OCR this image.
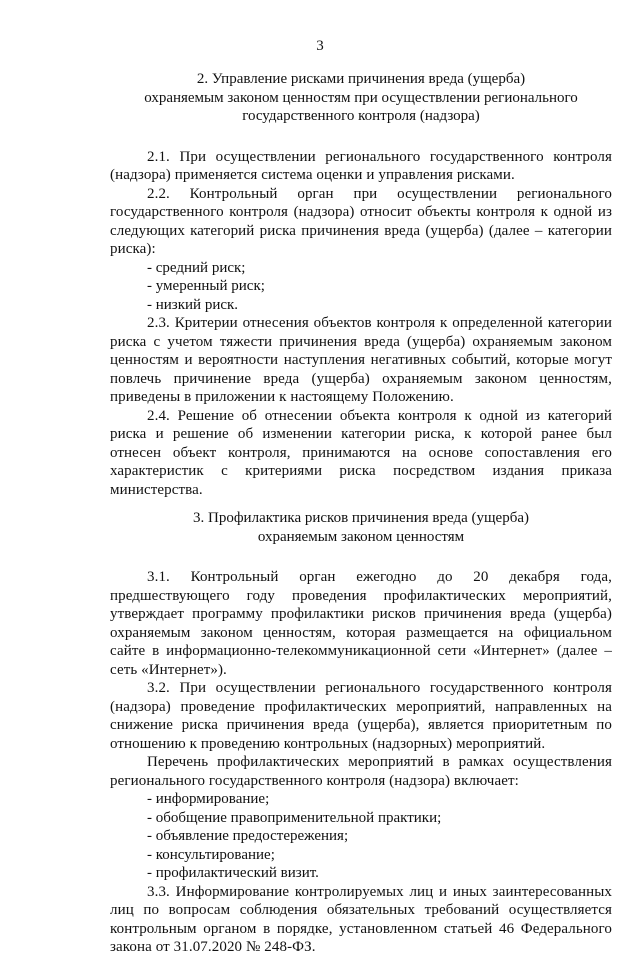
3
2. Управление рисками причинения вреда (ущерба)
охраняемым законом ценностям при осуществлении регионального
государственного контроля (надзора)

2.1. При осуществлении регионального государственного контроля (надзора) применяется система оценки и управления рисками.

2.2. Контрольный орган при осуществлении регионального государственного контроля (надзора) относит объекты контроля к одной из следующих категорий риска причинения вреда (ущерба) (далее – категории риска):

- средний риск;

- умеренный риск;

- низкий риск.

2.3. Критерии отнесения объектов контроля к определенной категории риска с учетом тяжести причинения вреда (ущерба) охраняемым законом ценностям и вероятности наступления негативных событий, которые могут повлечь причинение вреда (ущерба) охраняемым законом ценностям, приведены в приложении к настоящему Положению.

2.4. Решение об отнесении объекта контроля к одной из категорий риска и решение об изменении категории риска, к которой ранее был отнесен объект контроля, принимаются на основе сопоставления его характеристик с критериями риска посредством издания приказа министерства.

3. Профилактика рисков причинения вреда (ущерба)
охраняемым законом ценностям

3.1. Контрольный орган ежегодно до 20 декабря года, предшествующего году проведения профилактических мероприятий, утверждает программу профилактики рисков причинения вреда (ущерба) охраняемым законом ценностям, которая размещается на официальном сайте в информационно-телекоммуникационной сети «Интернет» (далее – сеть «Интернет»).

3.2. При осуществлении регионального государственного контроля (надзора) проведение профилактических мероприятий, направленных на снижение риска причинения вреда (ущерба), является приоритетным по отношению к проведению контрольных (надзорных) мероприятий.

Перечень профилактических мероприятий в рамках осуществления регионального государственного контроля (надзора) включает:

- информирование;

- обобщение правоприменительной практики;

- объявление предостережения;

- консультирование;

- профилактический визит.

3.3. Информирование контролируемых лиц и иных заинтересованных лиц по вопросам соблюдения обязательных требований осуществляется контрольным органом в порядке, установленном статьей 46 Федерального закона от 31.07.2020 № 248-ФЗ.
